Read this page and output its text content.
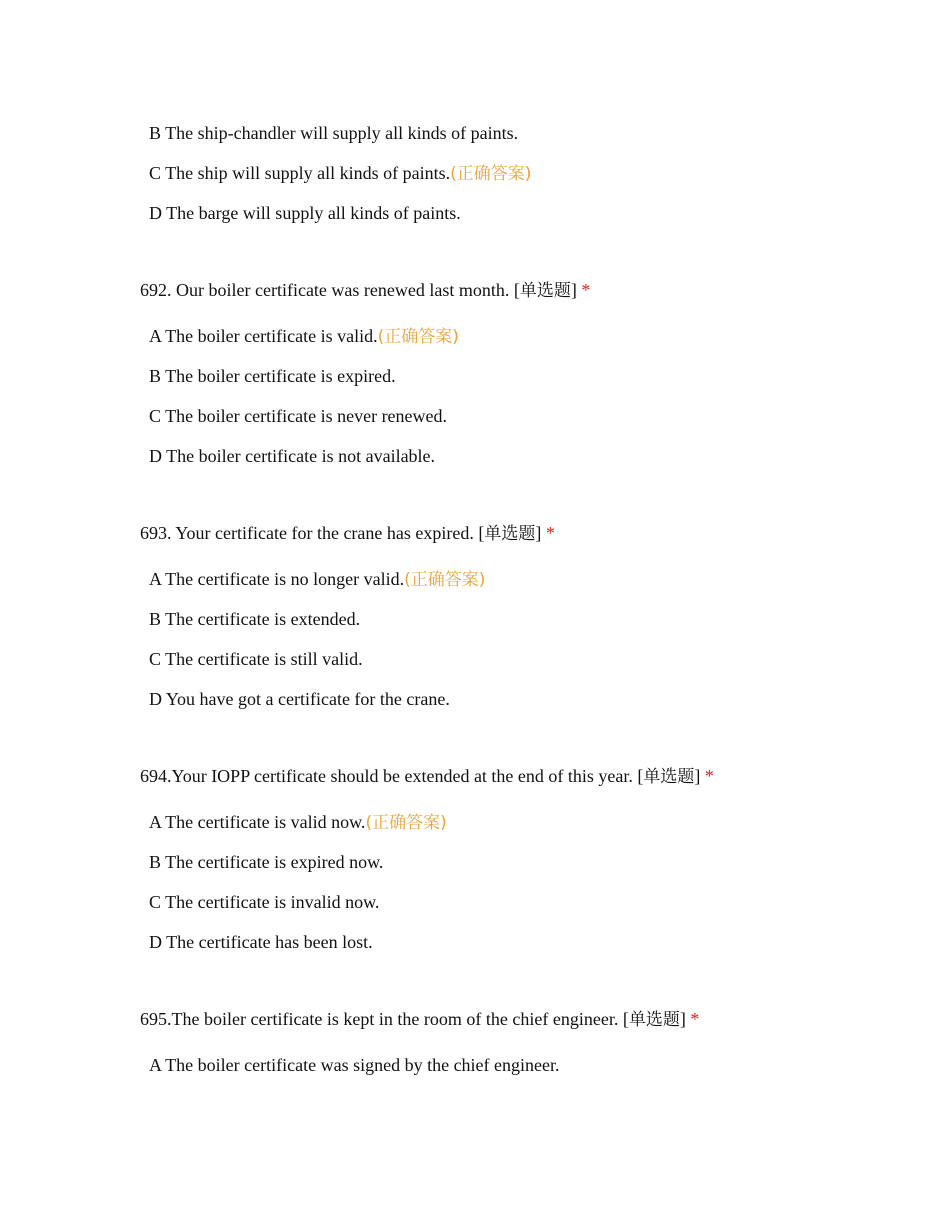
B The ship-chandler will supply all kinds of paints.
C The ship will supply all kinds of paints.(正确答案)
D The barge will supply all kinds of paints.
692. Our boiler certificate was renewed last month. [单选题] *
A The boiler certificate is valid.(正确答案)
B The boiler certificate is expired.
C The boiler certificate is never renewed.
D The boiler certificate is not available.
693. Your certificate for the crane has expired. [单选题] *
A The certificate is no longer valid.(正确答案)
B The certificate is extended.
C The certificate is still valid.
D You have got a certificate for the crane.
694.Your IOPP certificate should be extended at the end of this year. [单选题] *
A The certificate is valid now.(正确答案)
B The certificate is expired now.
C The certificate is invalid now.
D The certificate has been lost.
695.The boiler certificate is kept in the room of the chief engineer. [单选题] *
A The boiler certificate was signed by the chief engineer.
